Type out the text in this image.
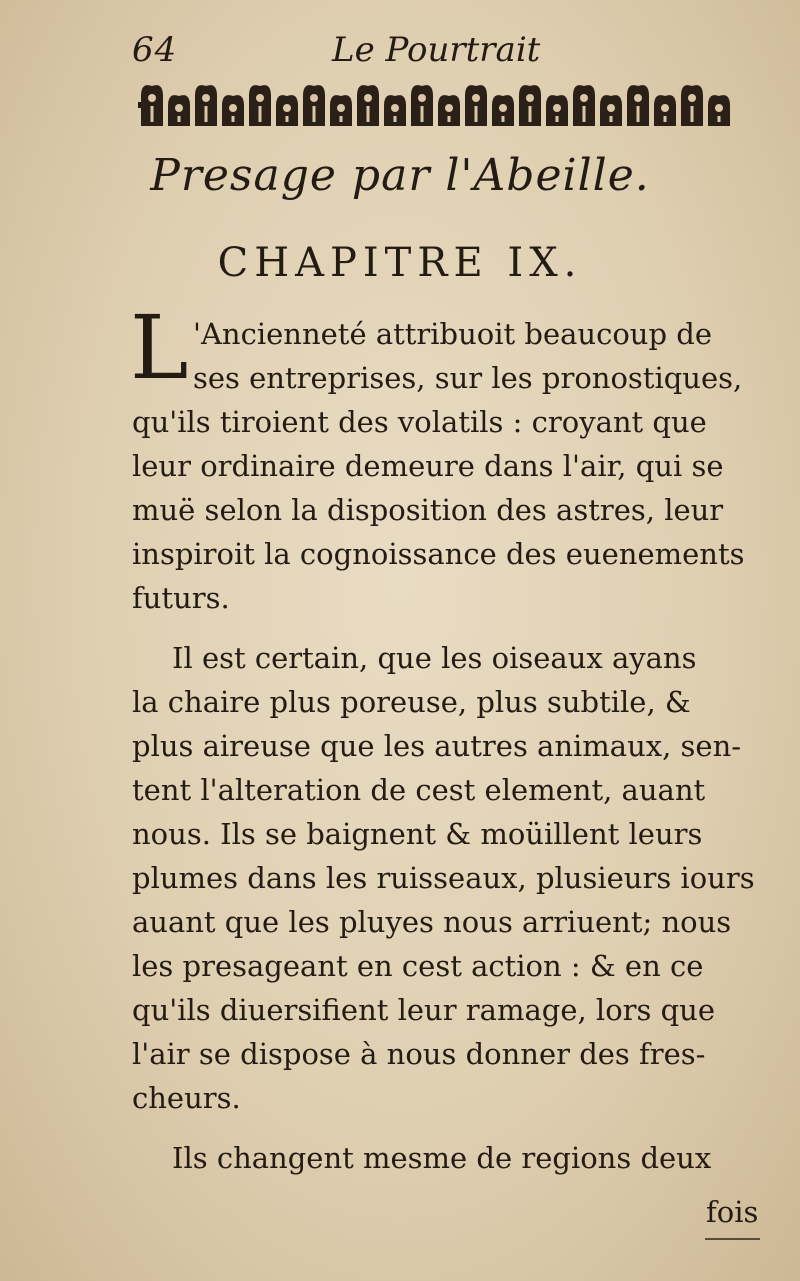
64	Le Pourtrait
Presage par l'Abeille.
CHAPITRE IX.
L 'Ancienneté attribuoit beaucoup de
ses entreprises, sur les pronostiques,
qu'ils tiroient des volatils : croyant que
leur ordinaire demeure dans l'air, qui se
muë selon la disposition des astres, leur
inspiroit la cognoissance des euenements
futurs.
Il est certain, que les oiseaux ayans
la chaire plus poreuse, plus subtile, &
plus aireuse que les autres animaux, sen-
tent l'alteration de cest element, auant
nous. Ils se baignent & moüillent leurs
plumes dans les ruisseaux, plusieurs iours
auant que les pluyes nous arriuent; nous
les presageant en cest action : & en ce
qu'ils diuersifient leur ramage, lors que
l'air se dispose à nous donner des fres-
cheurs.
Ils changent mesme de regions deux
fois
